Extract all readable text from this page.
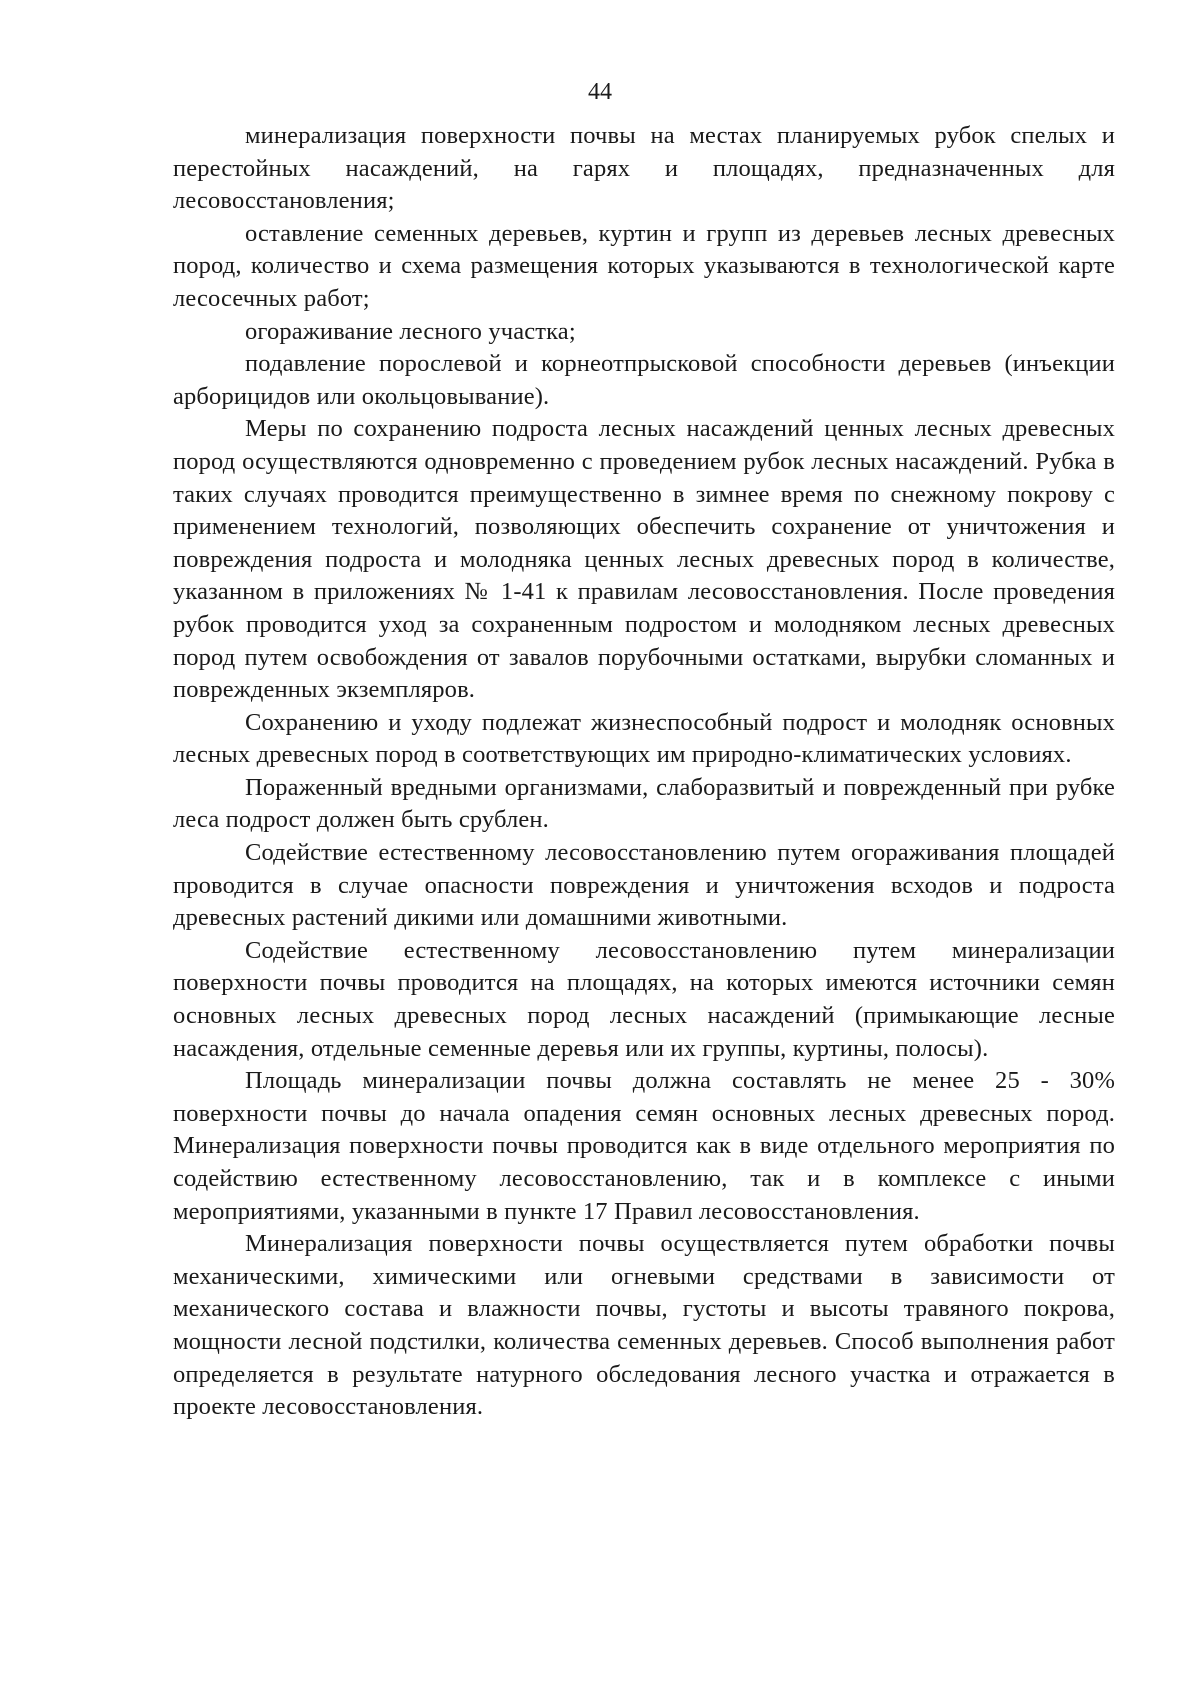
44

минерализация поверхности почвы на местах планируемых рубок спелых и перестойных насаждений, на гарях и площадях, предназначенных для лесовосстановления;

оставление семенных деревьев, куртин и групп из деревьев лесных древесных пород, количество и схема размещения которых указываются в технологической карте лесосечных работ;

огораживание лесного участка;

подавление порослевой и корнеотпрысковой способности деревьев (инъекции арборицидов или окольцовывание).

Меры по сохранению подроста лесных насаждений ценных лесных древесных пород осуществляются одновременно с проведением рубок лесных насаждений. Рубка в таких случаях проводится преимущественно в зимнее время по снежному покрову с применением технологий, позволяющих обеспечить сохранение от уничтожения и повреждения подроста и молодняка ценных лесных древесных пород в количестве, указанном в приложениях № 1-41 к правилам лесовосстановления. После проведения рубок проводится уход за сохраненным подростом и молодняком лесных древесных пород путем освобождения от завалов порубочными остатками, вырубки сломанных и поврежденных экземпляров.

Сохранению и уходу подлежат жизнеспособный подрост и молодняк основных лесных древесных пород в соответствующих им природно-климатических условиях.

Пораженный вредными организмами, слаборазвитый и поврежденный при рубке леса подрост должен быть срублен.

Содействие естественному лесовосстановлению путем огораживания площадей проводится в случае опасности повреждения и уничтожения всходов и подроста древесных растений дикими или домашними животными.

Содействие естественному лесовосстановлению путем минерализации поверхности почвы проводится на площадях, на которых имеются источники семян основных лесных древесных пород лесных насаждений (примыкающие лесные насаждения, отдельные семенные деревья или их группы, куртины, полосы).

Площадь минерализации почвы должна составлять не менее 25 - 30% поверхности почвы до начала опадения семян основных лесных древесных пород. Минерализация поверхности почвы проводится как в виде отдельного мероприятия по содействию естественному лесовосстановлению, так и в комплексе с иными мероприятиями, указанными в пункте 17 Правил лесовосстановления.

Минерализация поверхности почвы осуществляется путем обработки почвы механическими, химическими или огневыми средствами в зависимости от механического состава и влажности почвы, густоты и высоты травяного покрова, мощности лесной подстилки, количества семенных деревьев. Способ выполнения работ определяется в результате натурного обследования лесного участка и отражается в проекте лесовосстановления.
